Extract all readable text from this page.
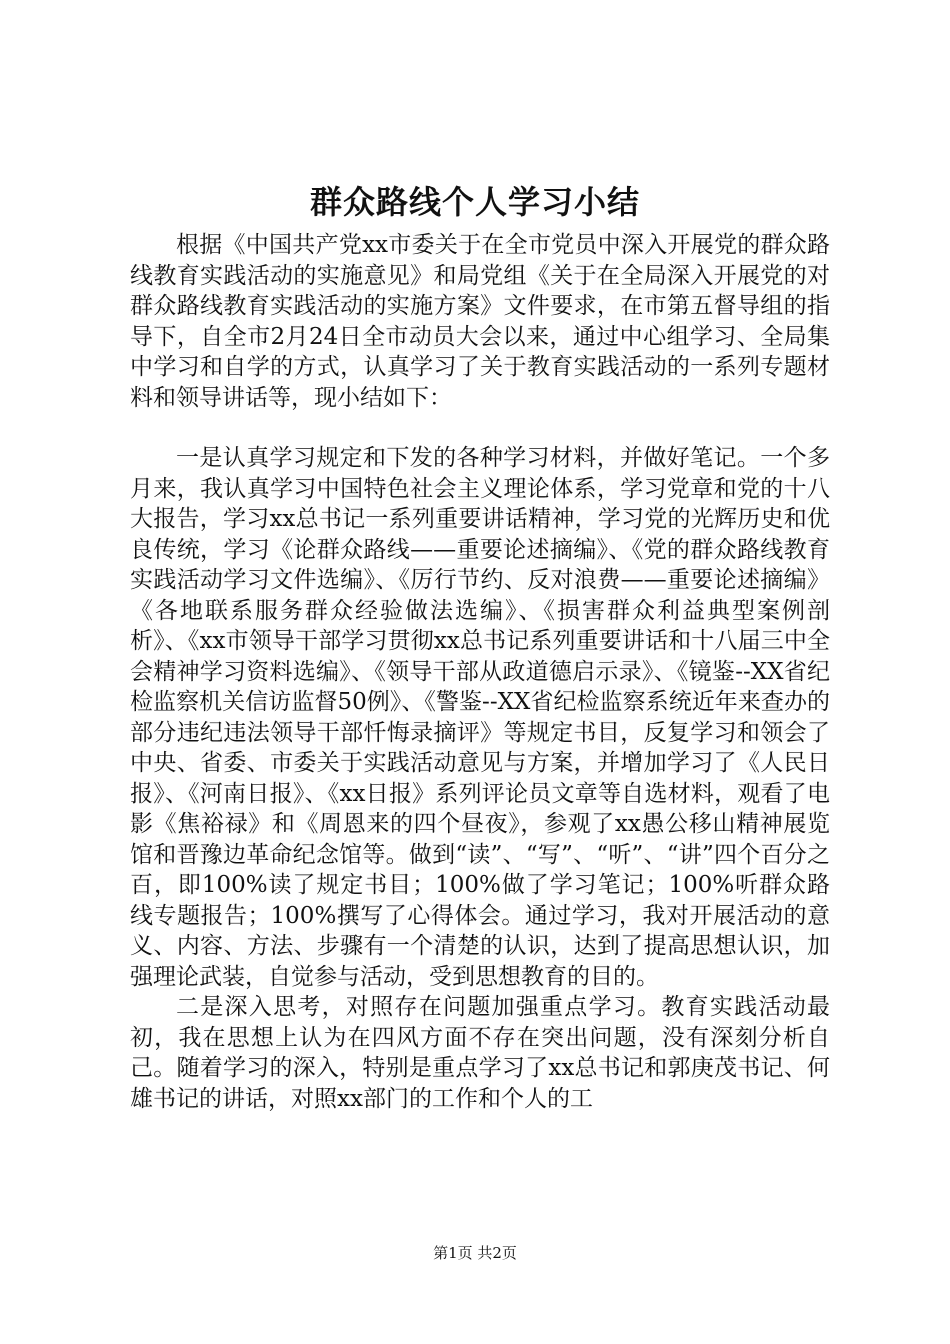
群众路线个人学习小结

根据《中国共产党xx市委关于在全市党员中深入开展党的群众路线教育实践活动的实施意见》和局党组《关于在全局深入开展党的对群众路线教育实践活动的实施方案》文件要求，在市第五督导组的指导下，自全市2月24日全市动员大会以来，通过中心组学习、全局集中学习和自学的方式，认真学习了关于教育实践活动的一系列专题材料和领导讲话等，现小结如下：

一是认真学习规定和下发的各种学习材料，并做好笔记。一个多月来，我认真学习中国特色社会主义理论体系，学习党章和党的十八大报告，学习xx总书记一系列重要讲话精神，学习党的光辉历史和优良传统，学习《论群众路线——重要论述摘编》、《党的群众路线教育实践活动学习文件选编》、《厉行节约、反对浪费——重要论述摘编》《各地联系服务群众经验做法选编》、《损害群众利益典型案例剖析》、《xx市领导干部学习贯彻xx总书记系列重要讲话和十八届三中全会精神学习资料选编》、《领导干部从政道德启示录》、《镜鉴--XX省纪检监察机关信访监督50例》、《警鉴--XX省纪检监察系统近年来查办的部分违纪违法领导干部忏悔录摘评》等规定书目，反复学习和领会了中央、省委、市委关于实践活动意见与方案，并增加学习了《人民日报》、《河南日报》、《xx日报》系列评论员文章等自选材料，观看了电影《焦裕禄》和《周恩来的四个昼夜》，参观了xx愚公移山精神展览馆和晋豫边革命纪念馆等。做到“读”、“写”、“听”、“讲”四个百分之百，即100%读了规定书目；100%做了学习笔记；100%听群众路线专题报告；100%撰写了心得体会。通过学习，我对开展活动的意义、内容、方法、步骤有一个清楚的认识，达到了提高思想认识，加强理论武装，自觉参与活动，受到思想教育的目的。

二是深入思考，对照存在问题加强重点学习。教育实践活动最初，我在思想上认为在四风方面不存在突出问题，没有深刻分析自己。随着学习的深入，特别是重点学习了xx总书记和郭庚茂书记、何雄书记的讲话，对照xx部门的工作和个人的工

第1页 共2页
